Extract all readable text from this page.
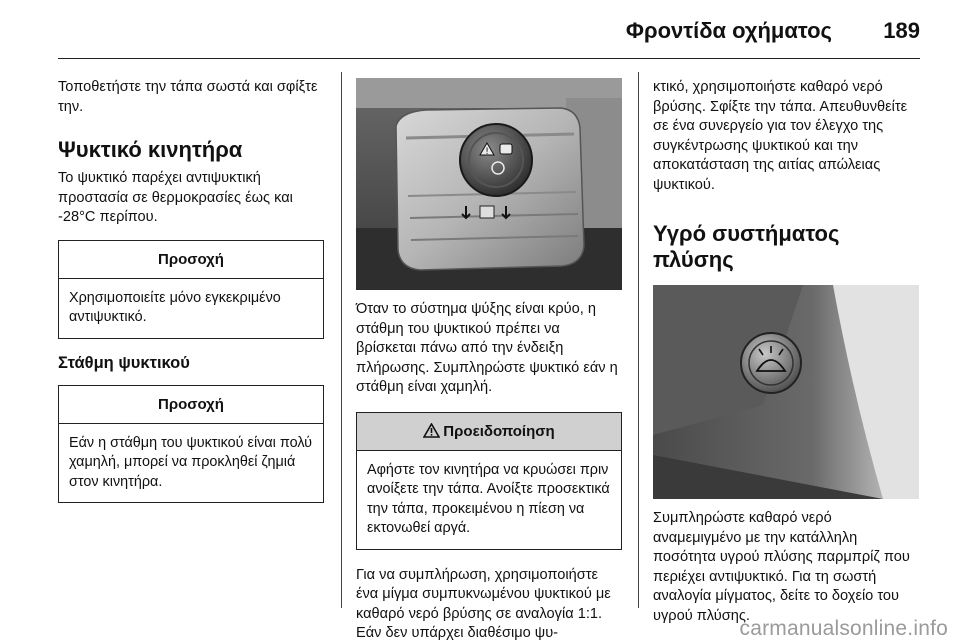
Φροντίδα οχήματος 189

Τοποθετήστε την τάπα σωστά και σφίξτε την.

Ψυκτικό κινητήρα

Το ψυκτικό παρέχει αντιψυκτική προστασία σε θερμοκρασίες έως και -28°C περίπου.

Προσοχή
Χρησιμοποιείτε μόνο εγκεκριμένο αντιψυκτικό.
Στάθμη ψυκτικού
Προσοχή
Εάν η στάθμη του ψυκτικού είναι πολύ χαμηλή, μπορεί να προκληθεί ζημιά στον κινητήρα.
!

Όταν το σύστημα ψύξης είναι κρύο, η στάθμη του ψυκτικού πρέπει να βρίσκεται πάνω από την ένδειξη πλήρωσης. Συμπληρώστε ψυκτικό εάν η στάθμη είναι χαμηλή.

Προειδοποίηση
Αφήστε τον κινητήρα να κρυώσει πριν ανοίξετε την τάπα. Ανοίξτε προσεκτικά την τάπα, προκειμένου η πίεση να εκτονωθεί αργά.

Για να συμπλήρωση, χρησιμοποιήστε ένα μίγμα συμπυκνωμένου ψυκτικού με καθαρό νερό βρύσης σε αναλογία 1:1. Εάν δεν υπάρχει διαθέσιμο ψυ-

κτικό, χρησιμοποιήστε καθαρό νερό βρύσης. Σφίξτε την τάπα. Απευθυνθείτε σε ένα συνεργείο για τον έλεγχο της συγκέντρωσης ψυκτικού και την αποκατάσταση της αιτίας απώλειας ψυκτικού.

Υγρό συστήματος πλύσης

Συμπληρώστε καθαρό νερό αναμεμιγμένο με την κατάλληλη ποσότητα υγρού πλύσης παρμπρίζ που περιέχει αντιψυκτικό. Για τη σωστή αναλογία μίγματος, δείτε το δοχείο του υγρού πλύσης.

carmanualsonline.info
